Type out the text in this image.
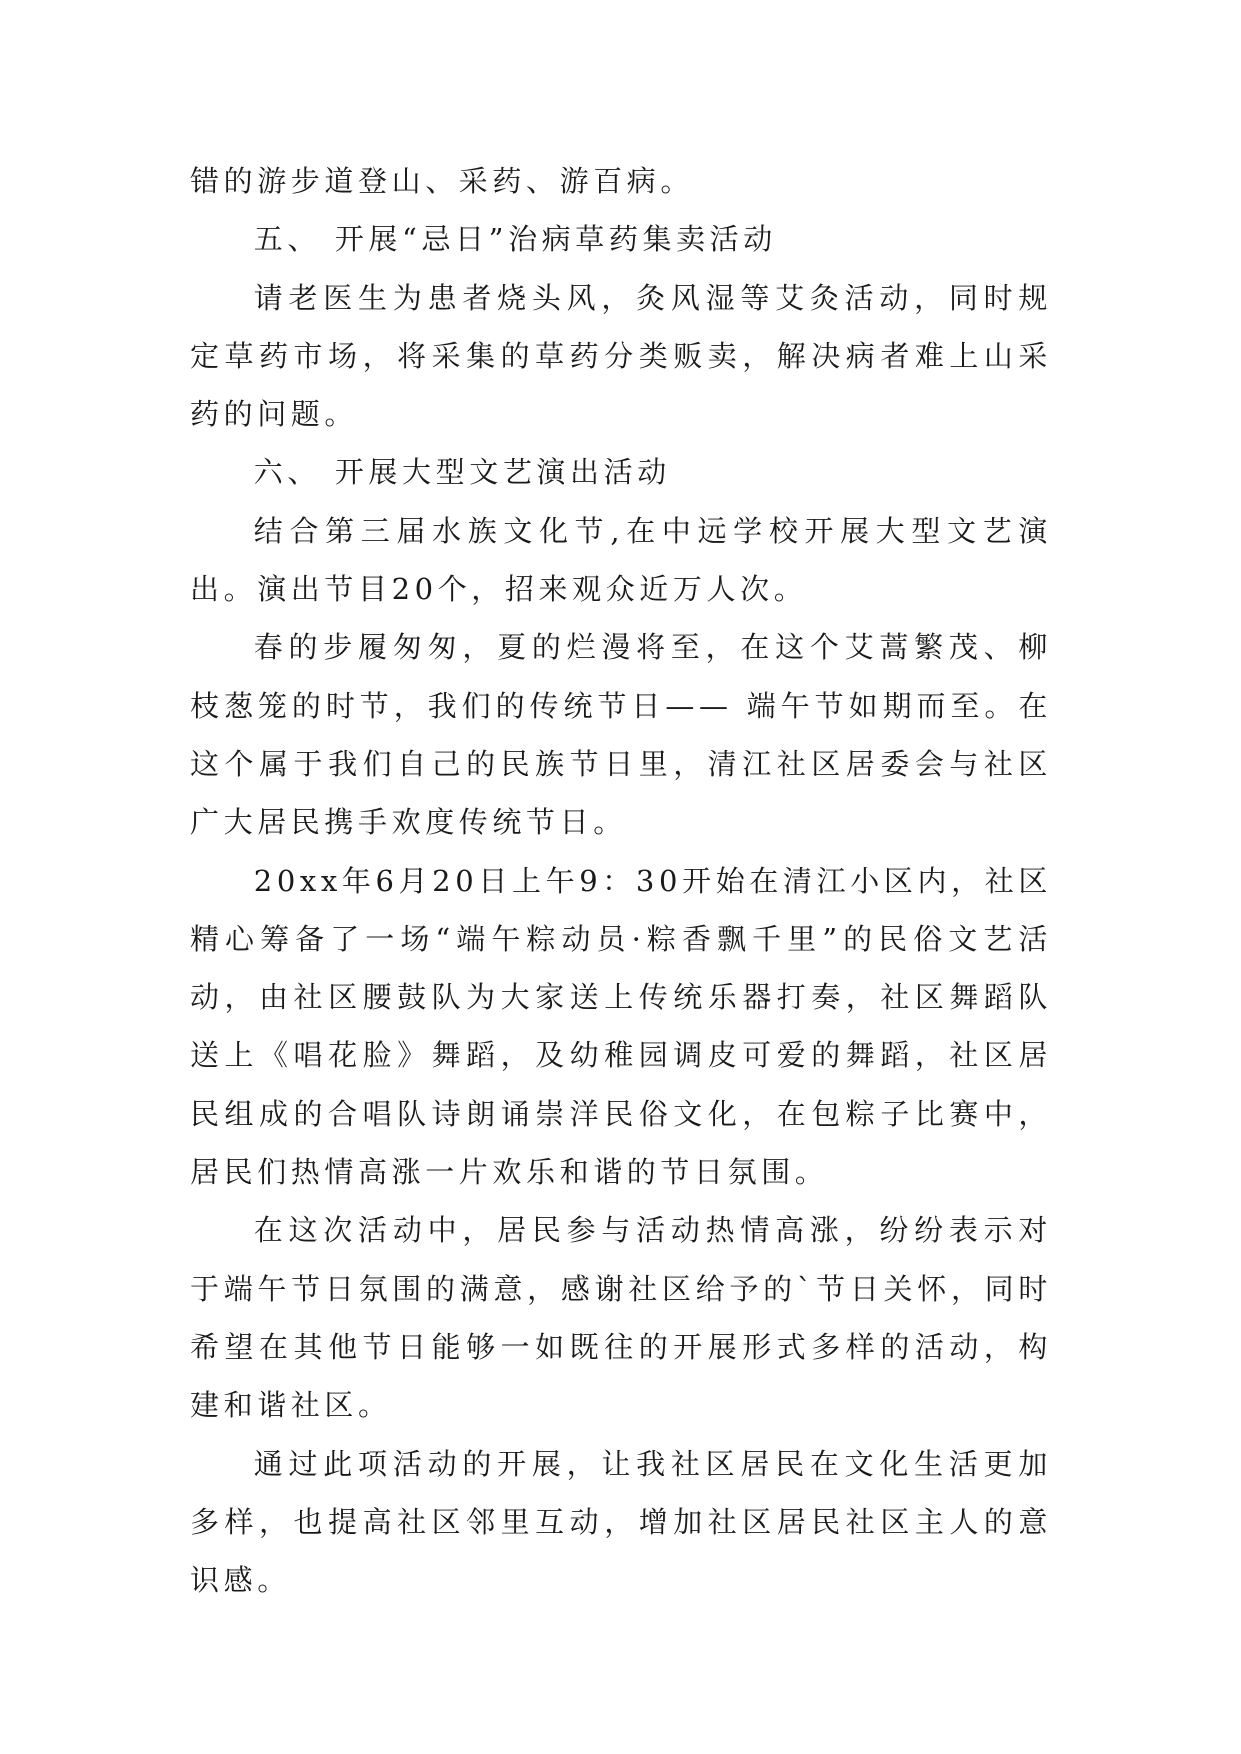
错的游步道登山、采药、游百病。

五、 开展“忌日”治病草药集卖活动

请老医生为患者烧头风，灸风湿等艾灸活动，同时规定草药市场，将采集的草药分类贩卖，解决病者难上山采药的问题。

六、 开展大型文艺演出活动

结合第三届水族文化节,在中远学校开展大型文艺演出。演出节目20个，招来观众近万人次。

春的步履匆匆，夏的烂漫将至，在这个艾蒿繁茂、柳枝葱笼的时节，我们的传统节日—— 端午节如期而至。在这个属于我们自己的民族节日里，清江社区居委会与社区广大居民携手欢度传统节日。

20xx年6月20日上午9：30开始在清江小区内，社区精心筹备了一场“端午粽动员·粽香飘千里”的民俗文艺活动，由社区腰鼓队为大家送上传统乐器打奏，社区舞蹈队送上《唱花脸》舞蹈，及幼稚园调皮可爱的舞蹈，社区居民组成的合唱队诗朗诵崇洋民俗文化，在包粽子比赛中，居民们热情高涨一片欢乐和谐的节日氛围。

在这次活动中，居民参与活动热情高涨，纷纷表示对于端午节日氛围的满意，感谢社区给予的`节日关怀，同时希望在其他节日能够一如既往的开展形式多样的活动，构建和谐社区。

通过此项活动的开展，让我社区居民在文化生活更加多样，也提高社区邻里互动，增加社区居民社区主人的意识感。
